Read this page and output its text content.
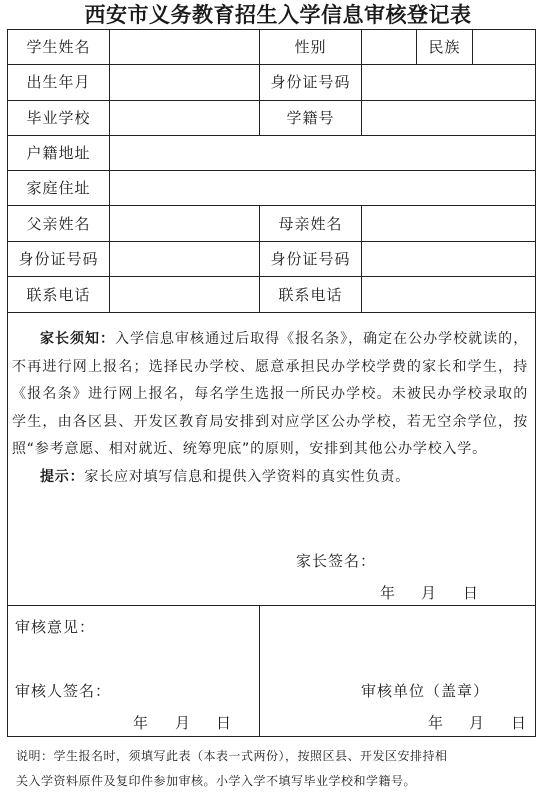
西安市义务教育招生入学信息审核登记表
学生姓名	性别	民族
出生年月	身份证号码
毕业学校	学籍号
户籍地址
家庭住址
父亲姓名	母亲姓名
身份证号码	身份证号码
联系电话	联系电话
家长签名：
年 月 日
审核意见：
审核人签名：
年 月 日
审核单位（盖章）
年 月 日

家长须知：入学信息审核通过后取得《报名条》，确定在公办学校就读的，不再进行网上报名；选择民办学校、愿意承担民办学校学费的家长和学生，持《报名条》进行网上报名，每名学生选报一所民办学校。未被民办学校录取的学生，由各区县、开发区教育局安排到对应学区公办学校，若无空余学位，按照“参考意愿、相对就近、统筹兜底”的原则，安排到其他公办学校入学。

提示：家长应对填写信息和提供入学资料的真实性负责。

说明：学生报名时，须填写此表（本表一式两份），按照区县、开发区安排持相

关入学资料原件及复印件参加审核。小学入学不填写毕业学校和学籍号。
